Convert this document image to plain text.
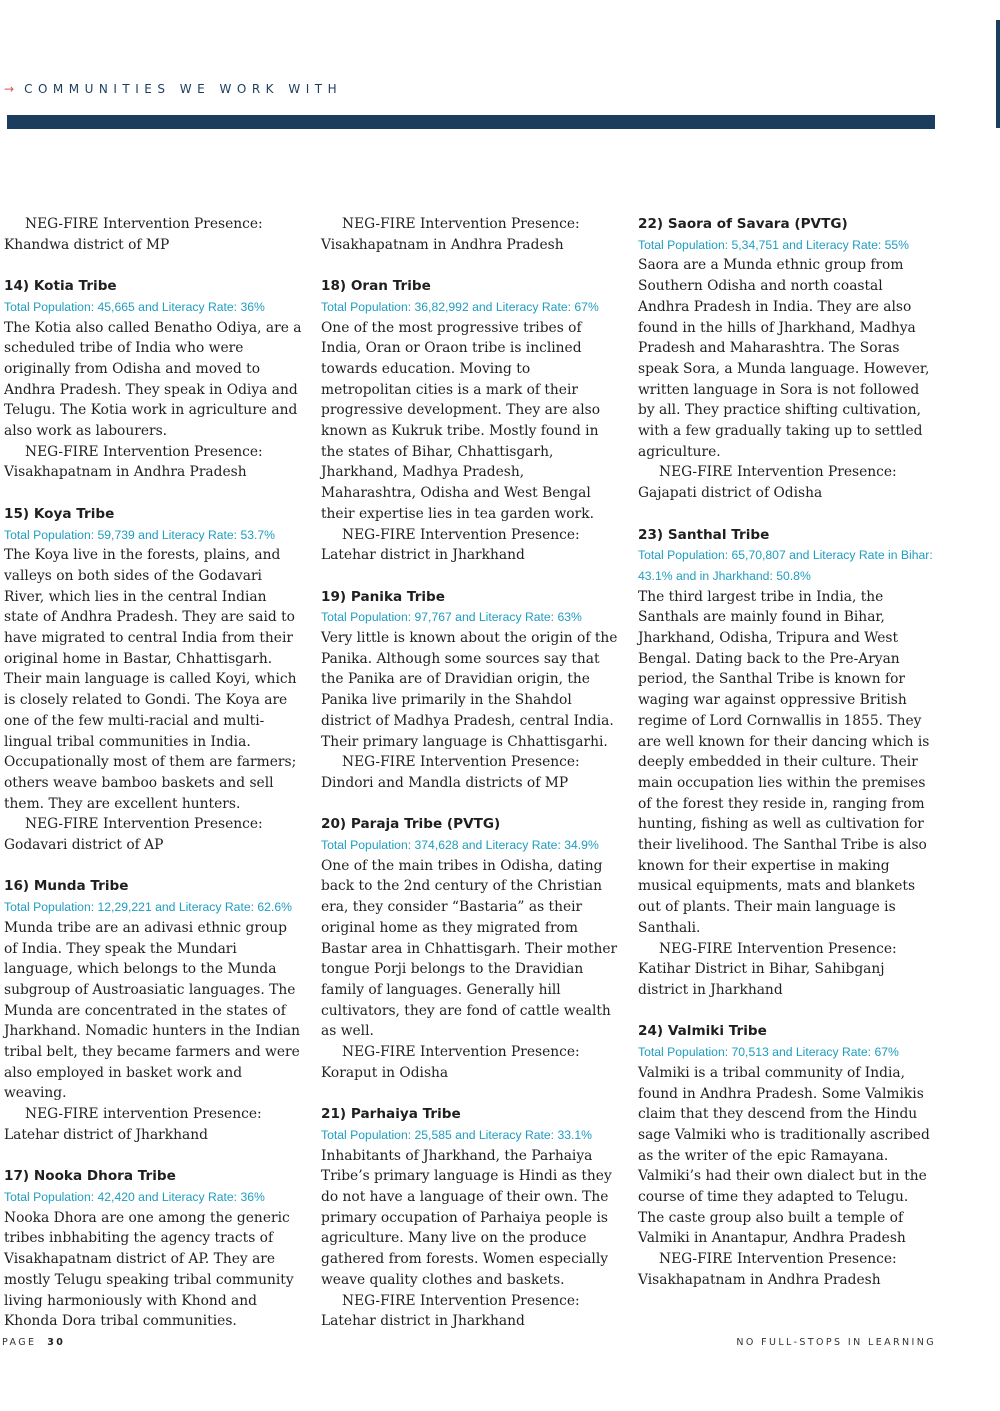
→ COMMUNITIES WE WORK WITH

NEG-FIRE Intervention Presence: Khandwa district of MP

14) Kotia Tribe

Total Population: 45,665 and Literacy Rate: 36%

The Kotia also called Benatho Odiya, are a scheduled tribe of India who were originally from Odisha and moved to Andhra Pradesh. They speak in Odiya and Telugu. The Kotia work in agriculture and also work as labourers.

NEG-FIRE Intervention Presence: Visakhapatnam in Andhra Pradesh

15) Koya Tribe

Total Population: 59,739 and Literacy Rate: 53.7%

The Koya live in the forests, plains, and valleys on both sides of the Godavari River, which lies in the central Indian state of Andhra Pradesh. They are said to have migrated to central India from their original home in Bastar, Chhattisgarh. Their main language is called Koyi, which is closely related to Gondi. The Koya are one of the few multi-racial and multi-lingual tribal communities in India. Occupationally most of them are farmers; others weave bamboo baskets and sell them. They are excellent hunters.

NEG-FIRE Intervention Presence: Godavari district of AP

16) Munda Tribe

Total Population: 12,29,221 and Literacy Rate: 62.6%

Munda tribe are an adivasi ethnic group of India. They speak the Mundari language, which belongs to the Munda subgroup of Austroasiatic languages. The Munda are concentrated in the states of Jharkhand. Nomadic hunters in the Indian tribal belt, they became farmers and were also employed in basket work and weaving.

NEG-FIRE intervention Presence: Latehar district of Jharkhand

17) Nooka Dhora Tribe

Total Population: 42,420 and Literacy Rate: 36%

Nooka Dhora are one among the generic tribes inbhabiting the agency tracts of Visakhapatnam district of AP. They are mostly Telugu speaking tribal community living harmoniously with Khond and Khonda Dora tribal communities.

NEG-FIRE Intervention Presence: Visakhapatnam in Andhra Pradesh

18) Oran Tribe

Total Population: 36,82,992 and Literacy Rate: 67%

One of the most progressive tribes of India, Oran or Oraon tribe is inclined towards education. Moving to metropolitan cities is a mark of their progressive development. They are also known as Kukruk tribe. Mostly found in the states of Bihar, Chhattisgarh, Jharkhand, Madhya Pradesh, Maharashtra, Odisha and West Bengal their expertise lies in tea garden work.

NEG-FIRE Intervention Presence: Latehar district in Jharkhand

19) Panika Tribe

Total Population: 97,767 and Literacy Rate: 63%

Very little is known about the origin of the Panika. Although some sources say that the Panika are of Dravidian origin, the Panika live primarily in the Shahdol district of Madhya Pradesh, central India. Their primary language is Chhattisgarhi.

NEG-FIRE Intervention Presence: Dindori and Mandla districts of MP

20) Paraja Tribe (PVTG)

Total Population: 374,628 and Literacy Rate: 34.9%

One of the main tribes in Odisha, dating back to the 2nd century of the Christian era, they consider “Bastaria” as their original home as they migrated from Bastar area in Chhattisgarh. Their mother tongue Porji belongs to the Dravidian family of languages. Generally hill cultivators, they are fond of cattle wealth as well.

NEG-FIRE Intervention Presence: Koraput in Odisha

21) Parhaiya Tribe

Total Population: 25,585 and Literacy Rate: 33.1%

Inhabitants of Jharkhand, the Parhaiya Tribe’s primary language is Hindi as they do not have a language of their own. The primary occupation of Parhaiya people is agriculture. Many live on the produce gathered from forests. Women especially weave quality clothes and baskets.

NEG-FIRE Intervention Presence: Latehar district in Jharkhand

22) Saora of Savara (PVTG)

Total Population: 5,34,751 and Literacy Rate: 55%

Saora are a Munda ethnic group from Southern Odisha and north coastal Andhra Pradesh in India. They are also found in the hills of Jharkhand, Madhya Pradesh and Maharashtra. The Soras speak Sora, a Munda language. However, written language in Sora is not followed by all. They practice shifting cultivation, with a few gradually taking up to settled agriculture.

NEG-FIRE Intervention Presence: Gajapati district of Odisha

23) Santhal Tribe

Total Population: 65,70,807 and Literacy Rate in Bihar: 43.1% and in Jharkhand: 50.8%

The third largest tribe in India, the Santhals are mainly found in Bihar, Jharkhand, Odisha, Tripura and West Bengal. Dating back to the Pre-Aryan period, the Santhal Tribe is known for waging war against oppressive British regime of Lord Cornwallis in 1855. They are well known for their dancing which is deeply embedded in their culture. Their main occupation lies within the premises of the forest they reside in, ranging from hunting, fishing as well as cultivation for their livelihood. The Santhal Tribe is also known for their expertise in making musical equipments, mats and blankets out of plants. Their main language is Santhali.

NEG-FIRE Intervention Presence: Katihar District in Bihar, Sahibganj district in Jharkhand

24) Valmiki Tribe

Total Population: 70,513 and Literacy Rate: 67%

Valmiki is a tribal community of India, found in Andhra Pradesh. Some Valmikis claim that they descend from the Hindu sage Valmiki who is traditionally ascribed as the writer of the epic Ramayana. Valmiki’s had their own dialect but in the course of time they adapted to Telugu. The caste group also built a temple of Valmiki in Anantapur, Andhra Pradesh

NEG-FIRE Intervention Presence: Visakhapatnam in Andhra Pradesh

PAGE 30	NO FULL-STOPS IN LEARNING
